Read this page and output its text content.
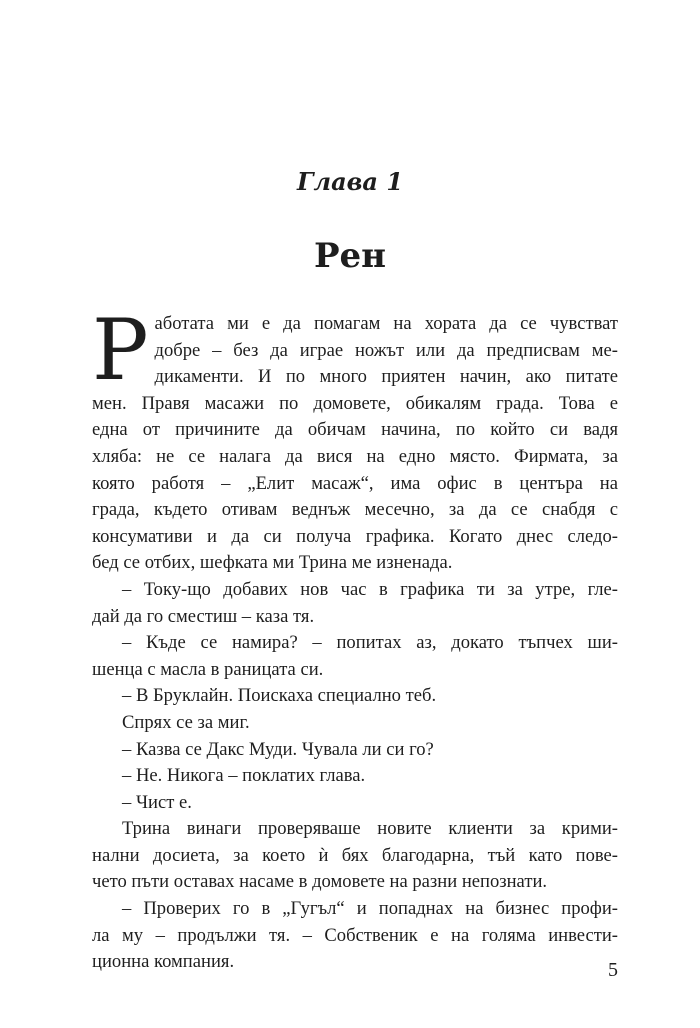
Глава 1
Рен

Р аботата ми е да помагам на хората да се чувстват
добре – без да играе ножът или да предписвам ме-
дикаменти. И по много приятен начин, ако питате
мен. Правя масажи по домовете, обикалям града. Това е
една от причините да обичам начина, по който си вадя
хляба: не се налага да вися на едно място. Фирмата, за
която работя – „Елит масаж“, има офис в центъра на
града, където отивам веднъж месечно, за да се снабдя с
консумативи и да си получа графика. Когато днес следо-
бед се отбих, шефката ми Трина ме изненада.

– Току-що добавих нов час в графика ти за утре, гле-
дай да го сместиш – каза тя.

– Къде се намира? – попитах аз, докато тъпчех ши-
шенца с масла в раницата си.

– В Бруклайн. Поискаха специално теб.

Спрях се за миг.

– Казва се Дакс Муди. Чувала ли си го?

– Не. Никога – поклатих глава.

– Чист е.

Трина винаги проверяваше новите клиенти за крими-
нални досиета, за което ѝ бях благодарна, тъй като пове-
чето пъти оставах насаме в домовете на разни непознати.

– Проверих го в „Гугъл“ и попаднах на бизнес профи-
ла му – продължи тя. – Собственик е на голяма инвести-
ционна компания.	5
